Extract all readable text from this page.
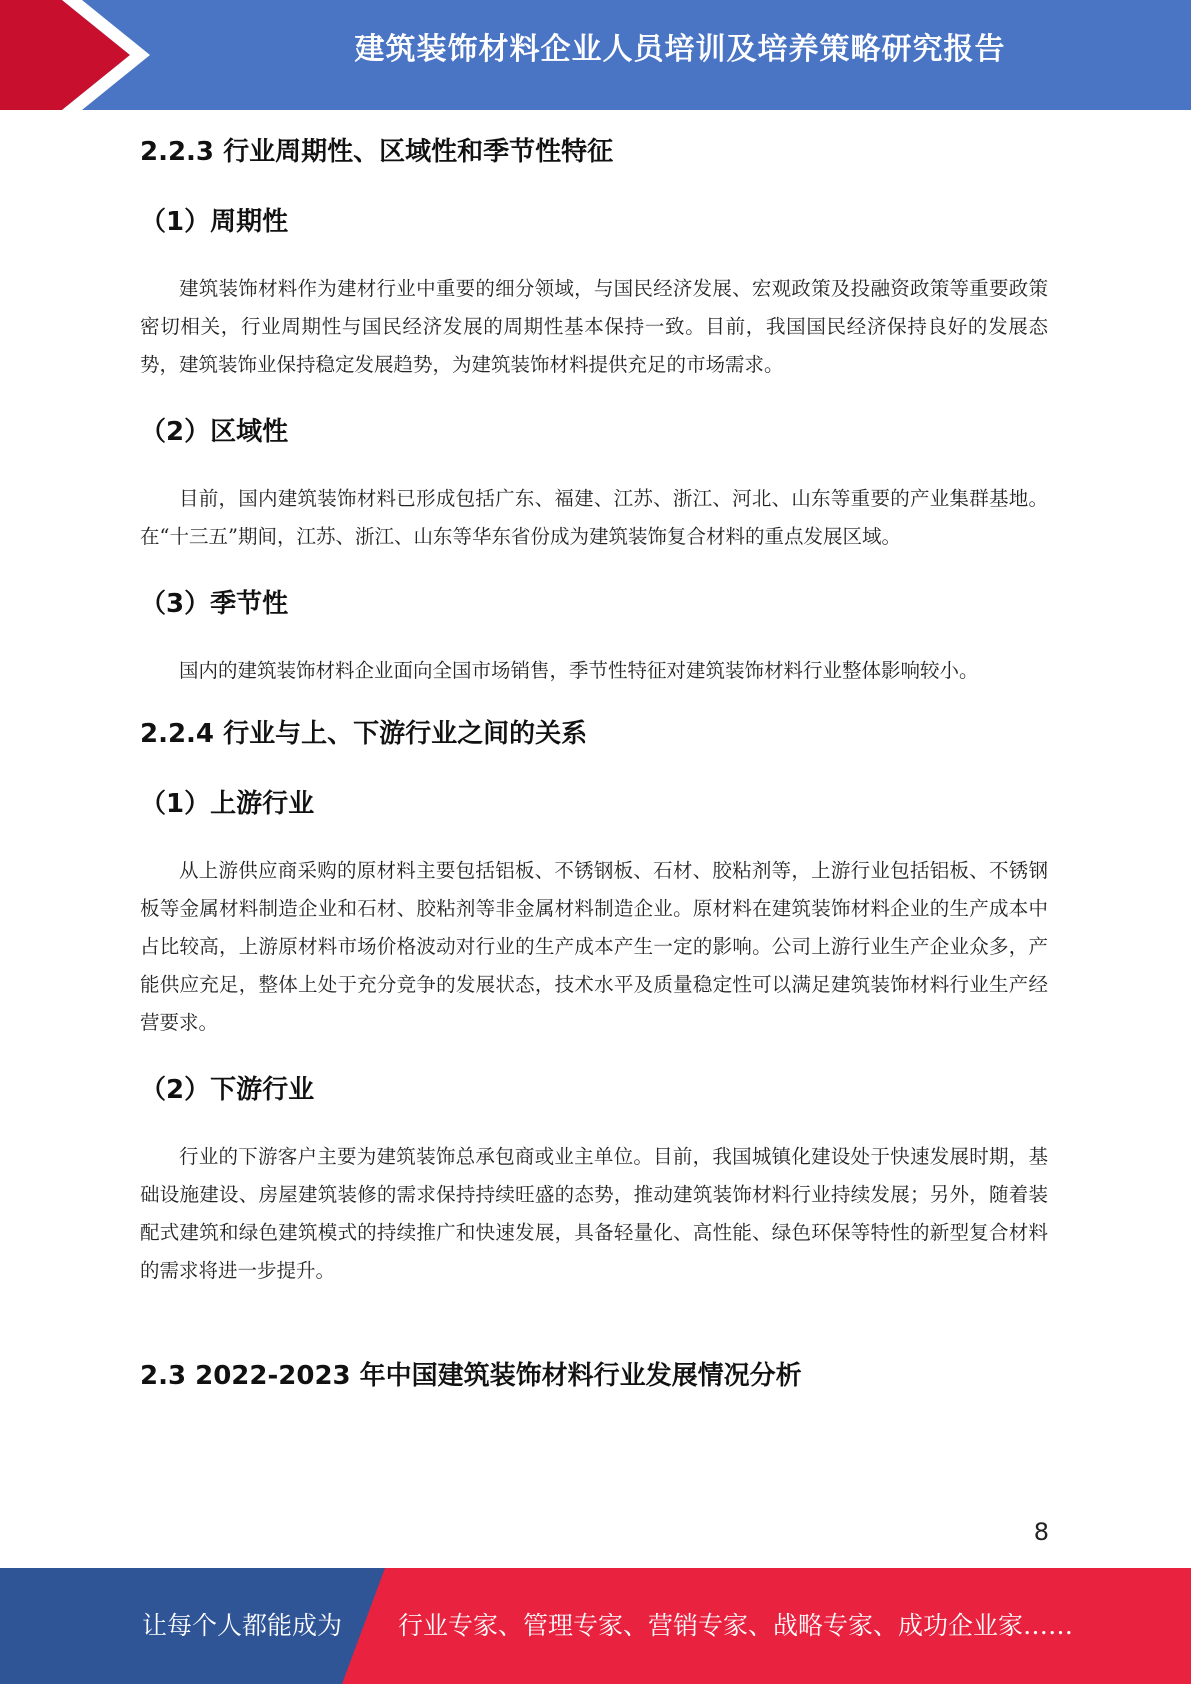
建筑装饰材料企业人员培训及培养策略研究报告
2.2.3 行业周期性、区域性和季节性特征
（1）周期性
建筑装饰材料作为建材行业中重要的细分领域，与国民经济发展、宏观政策及投融资政策等重要政策密切相关，行业周期性与国民经济发展的周期性基本保持一致。目前，我国国民经济保持良好的发展态势，建筑装饰业保持稳定发展趋势，为建筑装饰材料提供充足的市场需求。
（2）区域性
目前，国内建筑装饰材料已形成包括广东、福建、江苏、浙江、河北、山东等重要的产业集群基地。在“十三五”期间，江苏、浙江、山东等华东省份成为建筑装饰复合材料的重点发展区域。
（3）季节性
国内的建筑装饰材料企业面向全国市场销售，季节性特征对建筑装饰材料行业整体影响较小。
2.2.4 行业与上、下游行业之间的关系
（1）上游行业
从上游供应商采购的原材料主要包括铝板、不锈钢板、石材、胶粘剂等，上游行业包括铝板、不锈钢板等金属材料制造企业和石材、胶粘剂等非金属材料制造企业。原材料在建筑装饰材料企业的生产成本中占比较高，上游原材料市场价格波动对行业的生产成本产生一定的影响。公司上游行业生产企业众多，产能供应充足，整体上处于充分竞争的发展状态，技术水平及质量稳定性可以满足建筑装饰材料行业生产经营要求。
（2）下游行业
行业的下游客户主要为建筑装饰总承包商或业主单位。目前，我国城镇化建设处于快速发展时期，基础设施建设、房屋建筑装修的需求保持持续旺盛的态势，推动建筑装饰材料行业持续发展；另外，随着装配式建筑和绿色建筑模式的持续推广和快速发展，具备轻量化、高性能、绿色环保等特性的新型复合材料的需求将进一步提升。
2.3 2022-2023 年中国建筑装饰材料行业发展情况分析
8
让每个人都能成为 行业专家、管理专家、营销专家、战略专家、成功企业家……
